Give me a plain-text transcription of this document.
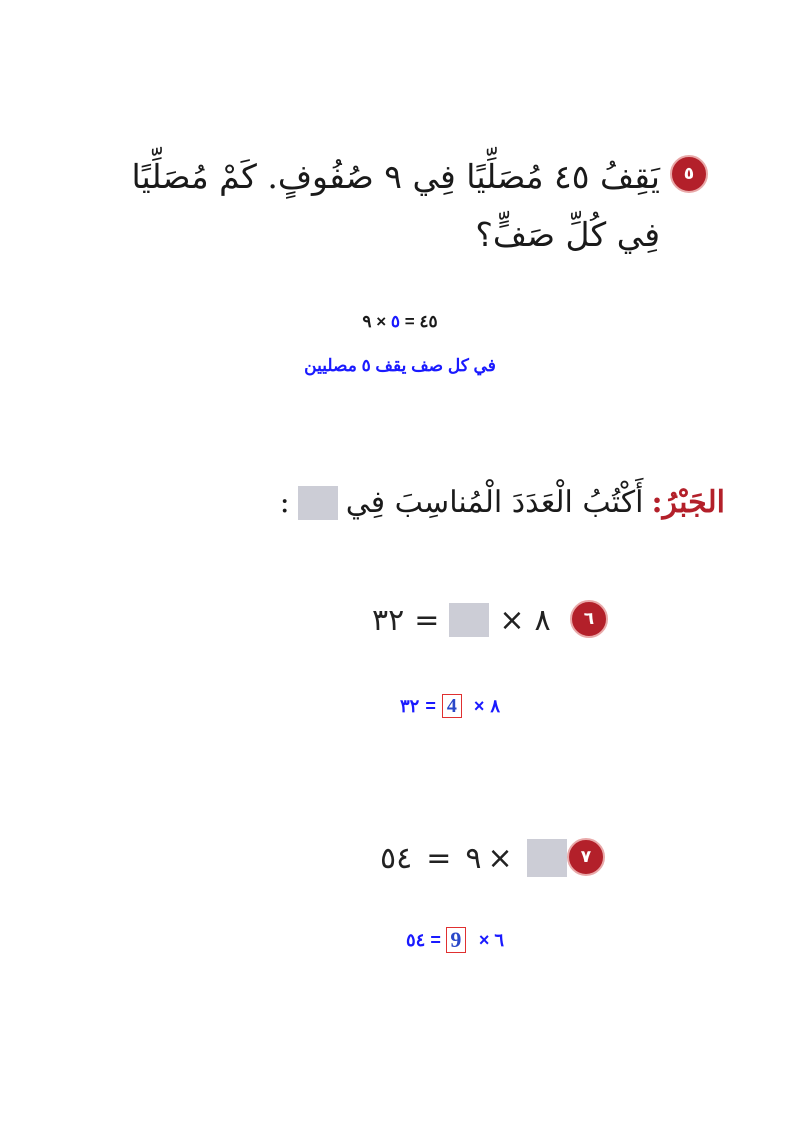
٥
يَقِفُ ٤٥ مُصَلِّيًا فِي ٩ صُفُوفٍ. كَمْ مُصَلِّيًا
فِي كُلِّ صَفٍّ؟
٤٥ = ٥ × ٩
في كل صف يقف ٥ مصليين
الجَبْرُ:
أَكْتُبُ الْعَدَدَ الْمُناسِبَ فِي
:
٦
٣٢ = × ٨
٣٢ = 4 × ٨
٧
٥٤ = ٩ ×
٥٤ = 9 × ٦
